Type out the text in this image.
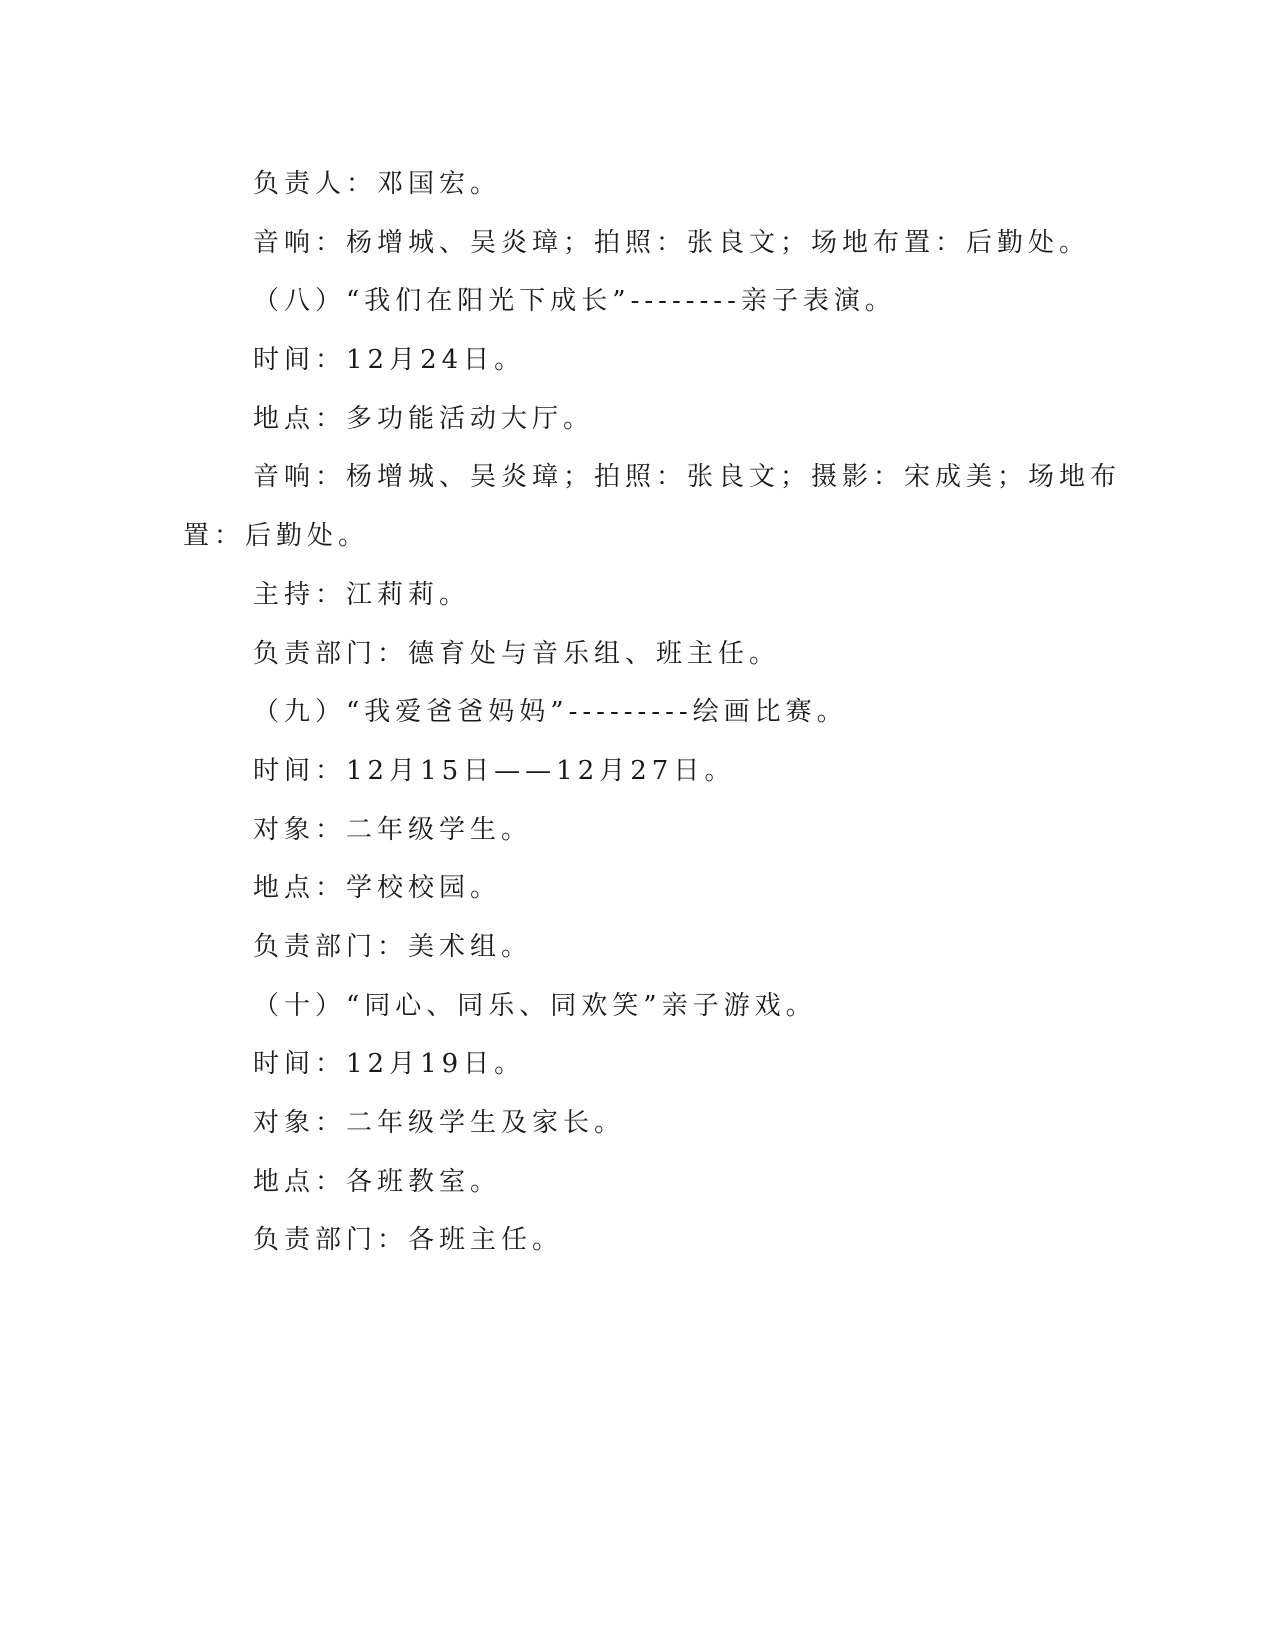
负责人：邓国宏。

音响：杨增城、吴炎璋；拍照：张良文；场地布置：后勤处。

（八）“我们在阳光下成长”--------亲子表演。

时间：12月24日。

地点：多功能活动大厅。

音响：杨增城、吴炎璋；拍照：张良文；摄影：宋成美；场地布

置：后勤处。

主持：江莉莉。

负责部门：德育处与音乐组、班主任。

（九）“我爱爸爸妈妈”---------绘画比赛。

时间：12月15日——12月27日。

对象：二年级学生。

地点：学校校园。

负责部门：美术组。

（十）“同心、同乐、同欢笑”亲子游戏。

时间：12月19日。

对象：二年级学生及家长。

地点：各班教室。

负责部门：各班主任。
